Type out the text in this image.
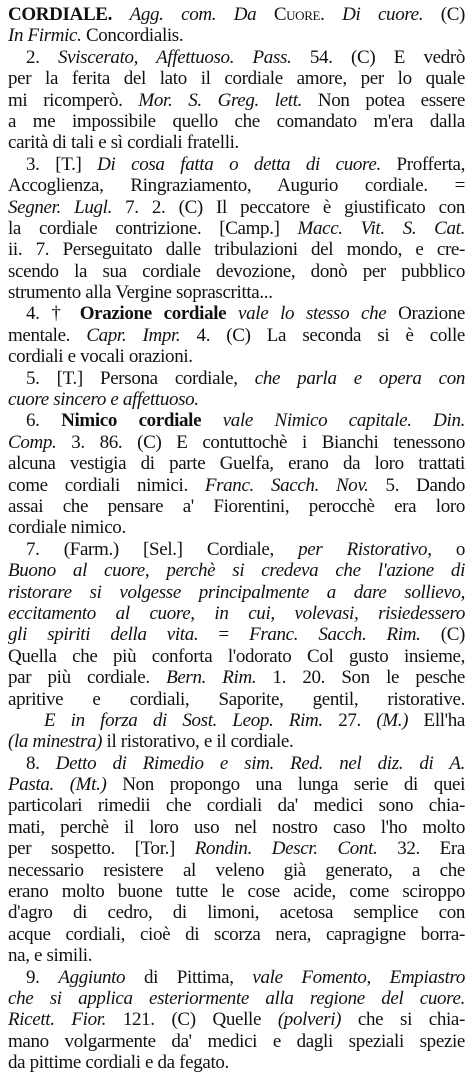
CORDIALE. Agg. com. Da Cuore. Di cuore. (C)
In Firmic. Concordialis.
2. Sviscerato, Affettuoso. Pass. 54. (C) E vedrò
per la ferita del lato il cordiale amore, per lo quale
mi ricomperò. Mor. S. Greg. lett. Non potea essere
a me impossibile quello che comandato m'era dalla
carità di tali e sì cordiali fratelli.
3. [T.] Di cosa fatta o detta di cuore. Profferta,
Accoglienza, Ringraziamento, Augurio cordiale. =
Segner. Lugl. 7. 2. (C) Il peccatore è giustificato con
la cordiale contrizione. [Camp.] Macc. Vit. S. Cat.
ii. 7. Perseguitato dalle tribulazioni del mondo, e cre-
scendo la sua cordiale devozione, donò per pubblico
strumento alla Vergine soprascritta...
4. † Orazione cordiale vale lo stesso che Orazione
mentale. Capr. Impr. 4. (C) La seconda si è colle
cordiali e vocali orazioni.
5. [T.] Persona cordiale, che parla e opera con
cuore sincero e affettuoso.
6. Nimico cordiale vale Nimico capitale. Din.
Comp. 3. 86. (C) E contuttochè i Bianchi tenessono
alcuna vestigia di parte Guelfa, erano da loro trattati
come cordiali nimici. Franc. Sacch. Nov. 5. Dando
assai che pensare a' Fiorentini, perocchè era loro
cordiale nimico.
7. (Farm.) [Sel.] Cordiale, per Ristorativo, o
Buono al cuore, perchè si credeva che l'azione di
ristorare si volgesse principalmente a dare sollievo,
eccitamento al cuore, in cui, volevasi, risiedessero
gli spiriti della vita. = Franc. Sacch. Rim. (C)
Quella che più conforta l'odorato Col gusto insieme,
par più cordiale. Bern. Rim. 1. 20. Son le pesche
apritive e cordiali, Saporite, gentil, ristorative.
E in forza di Sost. Leop. Rim. 27. (M.) Ell'ha
(la minestra) il ristorativo, e il cordiale.
8. Detto di Rimedio e sim. Red. nel diz. di A.
Pasta. (Mt.) Non propongo una lunga serie di quei
particolari rimedii che cordiali da' medici sono chia-
mati, perchè il loro uso nel nostro caso l'ho molto
per sospetto. [Tor.] Rondin. Descr. Cont. 32. Era
necessario resistere al veleno già generato, a che
erano molto buone tutte le cose acide, come sciroppo
d'agro di cedro, di limoni, acetosa semplice con
acque cordiali, cioè di scorza nera, capragigne borra-
na, e simili.
9. Aggiunto di Pittima, vale Fomento, Empiastro
che si applica esteriormente alla regione del cuore.
Ricett. Fior. 121. (C) Quelle (polveri) che si chia-
mano volgarmente da' medici e dagli speziali spezie
da pittime cordiali e da fegato.
